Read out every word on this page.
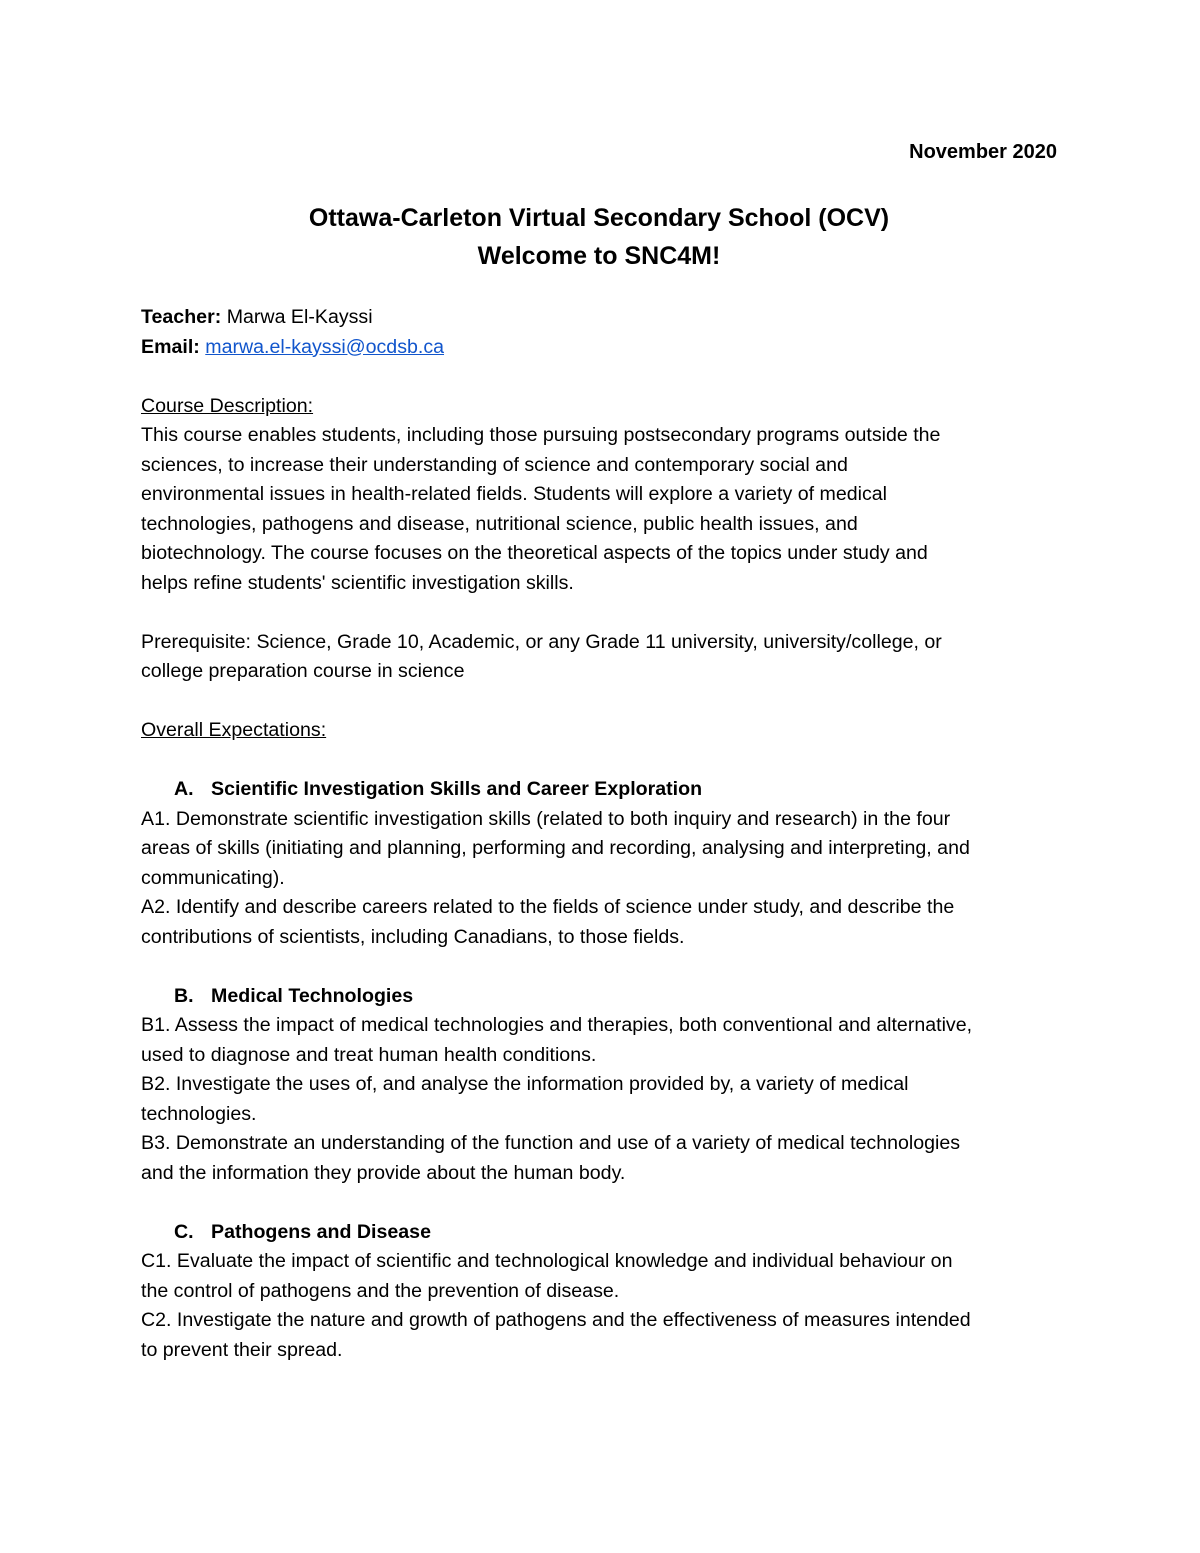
November 2020
Ottawa-Carleton Virtual Secondary School (OCV)
Welcome to SNC4M!
Teacher: Marwa El-Kayssi
Email: marwa.el-kayssi@ocdsb.ca
Course Description:
This course enables students, including those pursuing postsecondary programs outside the
sciences, to increase their understanding of science and contemporary social and
environmental issues in health-related fields. Students will explore a variety of medical
technologies, pathogens and disease, nutritional science, public health issues, and
biotechnology. The course focuses on the theoretical aspects of the topics under study and
helps refine students' scientific investigation skills.
Prerequisite: Science, Grade 10, Academic, or any Grade 11 university, university/college, or
college preparation course in science
Overall Expectations:
A. Scientific Investigation Skills and Career Exploration
A1. Demonstrate scientific investigation skills (related to both inquiry and research) in the four
areas of skills (initiating and planning, performing and recording, analysing and interpreting, and
communicating).
A2. Identify and describe careers related to the fields of science under study, and describe the
contributions of scientists, including Canadians, to those fields.
B. Medical Technologies
B1. Assess the impact of medical technologies and therapies, both conventional and alternative,
used to diagnose and treat human health conditions.
B2. Investigate the uses of, and analyse the information provided by, a variety of medical
technologies.
B3. Demonstrate an understanding of the function and use of a variety of medical technologies
and the information they provide about the human body.
C. Pathogens and Disease
C1. Evaluate the impact of scientific and technological knowledge and individual behaviour on
the control of pathogens and the prevention of disease.
C2. Investigate the nature and growth of pathogens and the effectiveness of measures intended
to prevent their spread.
